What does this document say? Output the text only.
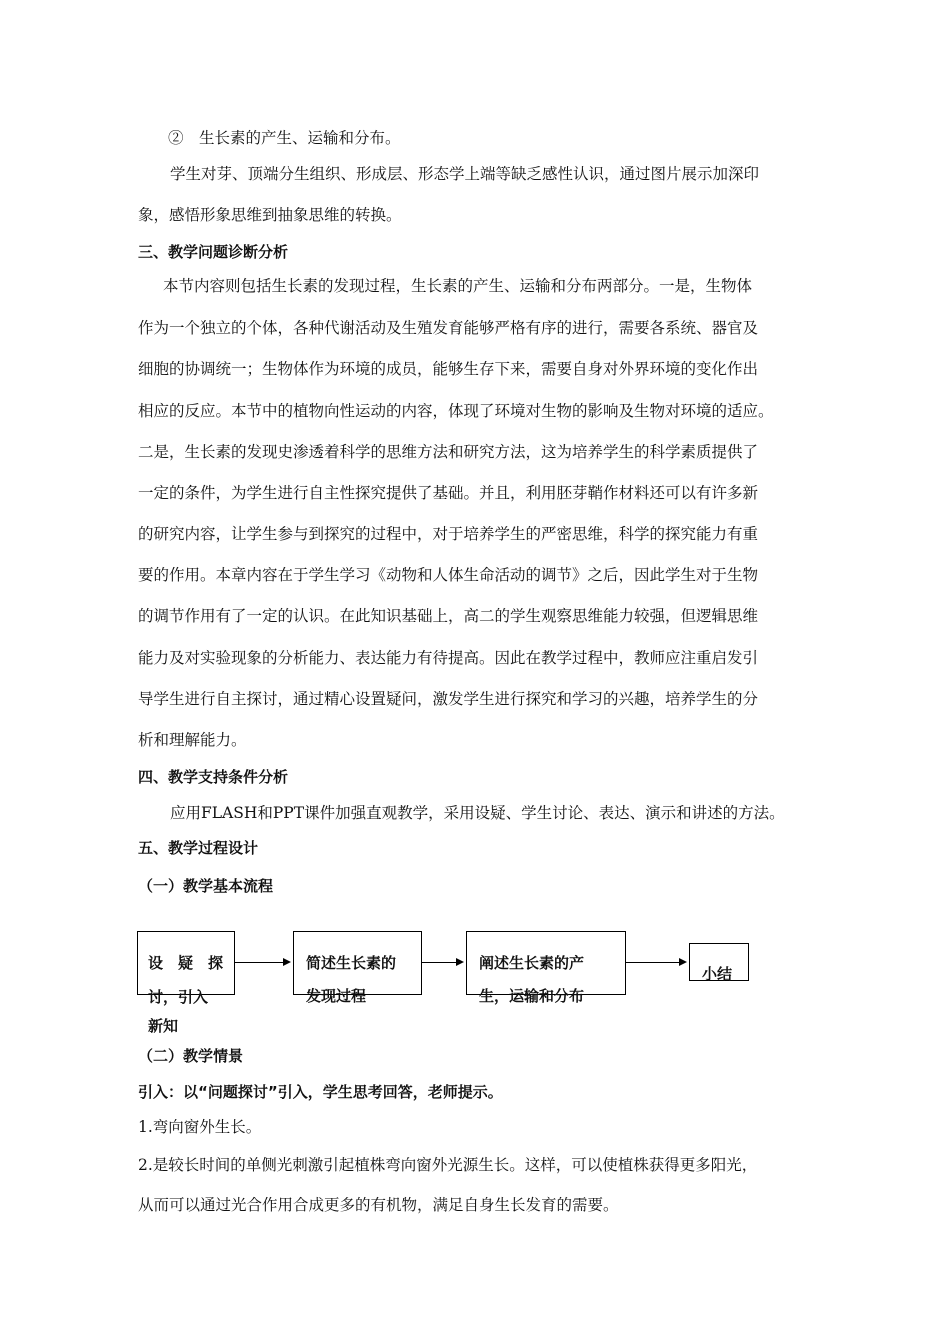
②　生长素的产生、运输和分布。
学生对芽、顶端分生组织、形成层、形态学上端等缺乏感性认识，通过图片展示加深印
象，感悟形象思维到抽象思维的转换。
三、教学问题诊断分析
本节内容则包括生长素的发现过程，生长素的产生、运输和分布两部分。一是，生物体
作为一个独立的个体，各种代谢活动及生殖发育能够严格有序的进行，需要各系统、器官及
细胞的协调统一；生物体作为环境的成员，能够生存下来，需要自身对外界环境的变化作出
相应的反应。本节中的植物向性运动的内容，体现了环境对生物的影响及生物对环境的适应。
二是，生长素的发现史渗透着科学的思维方法和研究方法，这为培养学生的科学素质提供了
一定的条件，为学生进行自主性探究提供了基础。并且，利用胚芽鞘作材料还可以有许多新
的研究内容，让学生参与到探究的过程中，对于培养学生的严密思维，科学的探究能力有重
要的作用。本章内容在于学生学习《动物和人体生命活动的调节》之后，因此学生对于生物
的调节作用有了一定的认识。在此知识基础上，高二的学生观察思维能力较强，但逻辑思维
能力及对实验现象的分析能力、表达能力有待提高。因此在教学过程中，教师应注重启发引
导学生进行自主探讨，通过精心设置疑问，激发学生进行探究和学习的兴趣，培养学生的分
析和理解能力。
四、教学支持条件分析
应用FLASH和PPT课件加强直观教学，采用设疑、学生讨论、表达、演示和讲述的方法。
五、教学过程设计
（一）教学基本流程
设　疑　探
讨，引入
新知
简述生长素的
发现过程
阐述生长素的产
生，运输和分布
小结
（二）教学情景
引入：以“问题探讨”引入，学生思考回答，老师提示。
1.弯向窗外生长。
2.是较长时间的单侧光刺激引起植株弯向窗外光源生长。这样，可以使植株获得更多阳光，
从而可以通过光合作用合成更多的有机物，满足自身生长发育的需要。
